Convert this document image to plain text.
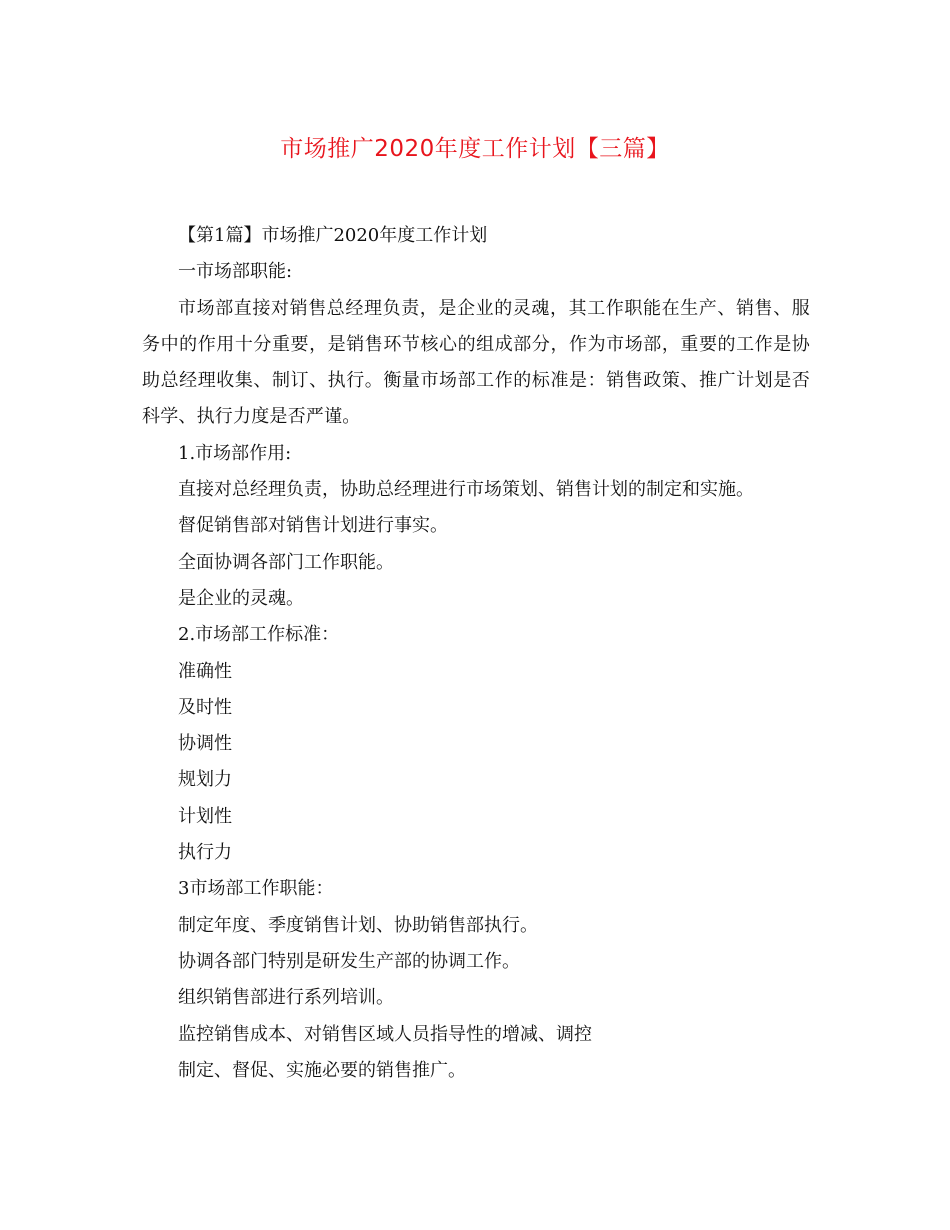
市场推广2020年度工作计划【三篇】
【第1篇】市场推广2020年度工作计划
一市场部职能:
市场部直接对销售总经理负责，是企业的灵魂，其工作职能在生产、销售、服务中的作用十分重要，是销售环节核心的组成部分，作为市场部，重要的工作是协助总经理收集、制订、执行。衡量市场部工作的标准是：销售政策、推广计划是否科学、执行力度是否严谨。
1.市场部作用:
直接对总经理负责，协助总经理进行市场策划、销售计划的制定和实施。
督促销售部对销售计划进行事实。
全面协调各部门工作职能。
是企业的灵魂。
2.市场部工作标准：
准确性
及时性
协调性
规划力
计划性
执行力
3市场部工作职能：
制定年度、季度销售计划、协助销售部执行。
协调各部门特别是研发生产部的协调工作。
组织销售部进行系列培训。
监控销售成本、对销售区域人员指导性的增减、调控
制定、督促、实施必要的销售推广。
